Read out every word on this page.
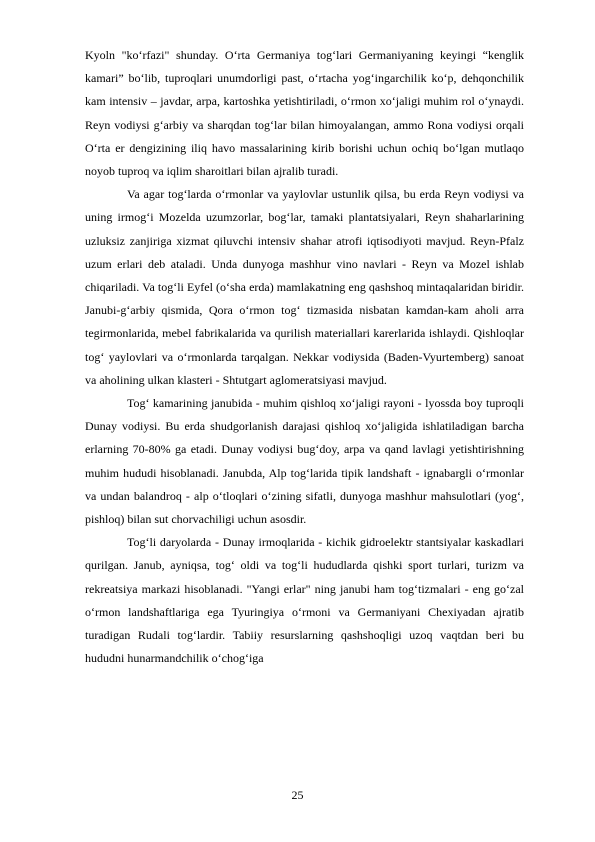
Kyoln "ko‘rfazi" shunday. O‘rta Germaniya tog‘lari Germaniyaning keyingi “kenglik kamari” bo‘lib, tuproqlari unumdorligi past, o‘rtacha yog‘ingarchilik ko‘p, dehqonchilik kam intensiv – javdar, arpa, kartoshka yetishtiriladi, o‘rmon xo‘jaligi muhim rol o‘ynaydi. Reyn vodiysi g‘arbiy va sharqdan tog‘lar bilan himoyalangan, ammo Rona vodiysi orqali O‘rta er dengizining iliq havo massalarining kirib borishi uchun ochiq bo‘lgan mutlaqo noyob tuproq va iqlim sharoitlari bilan ajralib turadi.

Va agar tog‘larda o‘rmonlar va yaylovlar ustunlik qilsa, bu erda Reyn vodiysi va uning irmog‘i Mozelda uzumzorlar, bog‘lar, tamaki plantatsiyalari, Reyn shaharlarining uzluksiz zanjiriga xizmat qiluvchi intensiv shahar atrofi iqtisodiyoti mavjud. Reyn-Pfalz uzum erlari deb ataladi. Unda dunyoga mashhur vino navlari - Reyn va Mozel ishlab chiqariladi. Va tog‘li Eyfel (o‘sha erda) mamlakatning eng qashshoq mintaqalaridan biridir. Janubi-g‘arbiy qismida, Qora o‘rmon tog‘ tizmasida nisbatan kamdan-kam aholi arra tegirmonlarida, mebel fabrikalarida va qurilish materiallari karerlarida ishlaydi. Qishloqlar tog‘ yaylovlari va o‘rmonlarda tarqalgan. Nekkar vodiysida (Baden-Vyurtemberg) sanoat va aholining ulkan klasteri - Shtutgart aglomeratsiyasi mavjud.

Tog‘ kamarining janubida - muhim qishloq xo‘jaligi rayoni - lyossda boy tuproqli Dunay vodiysi. Bu erda shudgorlanish darajasi qishloq xo‘jaligida ishlatiladigan barcha erlarning 70-80% ga etadi. Dunay vodiysi bug‘doy, arpa va qand lavlagi yetishtirishning muhim hududi hisoblanadi. Janubda, Alp tog‘larida tipik landshaft - ignabargli o‘rmonlar va undan balandroq - alp o‘tloqlari o‘zining sifatli, dunyoga mashhur mahsulotlari (yog‘, pishloq) bilan sut chorvachiligi uchun asosdir.

Tog‘li daryolarda - Dunay irmoqlarida - kichik gidroelektr stantsiyalar kaskadlari qurilgan. Janub, ayniqsa, tog‘ oldi va tog‘li hududlarda qishki sport turlari, turizm va rekreatsiya markazi hisoblanadi. "Yangi erlar" ning janubi ham tog‘tizmalari - eng go‘zal o‘rmon landshaftlariga ega Tyuringiya o‘rmoni va Germaniyani Chexiyadan ajratib turadigan Rudali tog‘lardir. Tabiiy resurslarning qashshoqligi uzoq vaqtdan beri bu hududni hunarmandchilik o‘chog‘iga

25
